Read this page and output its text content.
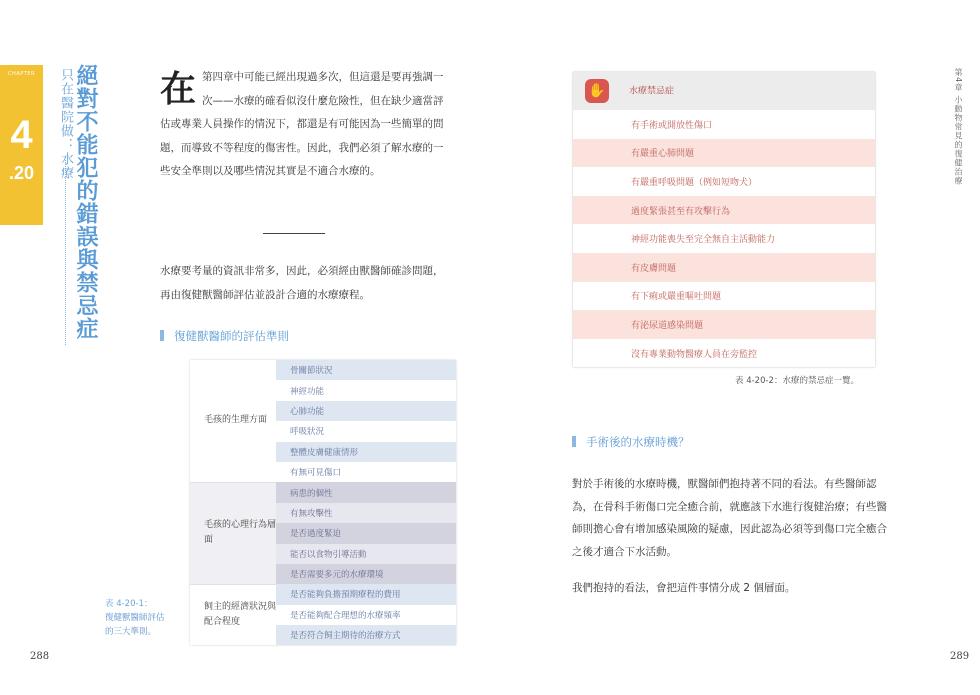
CHAPTER
4
.20	只在醫院做：水療 絕對不能犯的錯誤與禁忌症 在 第四章中可能已經出現過多次，但這還是要再強調一次——水療的確看似沒什麼危險性，但在缺少適當評估或專業人員操作的情況下，都還是有可能因為一些簡單的問題，而導致不等程度的傷害性。因此，我們必須了解水療的一些安全準則以及哪些情況其實是不適合水療的。
水療要考量的資訊非常多，因此，必須經由獸醫師確診問題，再由復健獸醫師評估並設計合適的水療療程。
復健獸醫師的評估準則
毛孩的生理方面	骨關節狀況
	神經功能
	心肺功能
	呼吸狀況
	整體皮膚健康情形
	有無可見傷口
毛孩的心理行為層面	病患的個性
	有無攻擊性
	是否過度緊迫
	能否以食物引導活動
	是否需要多元的水療環境
飼主的經濟狀況與配合程度	是否能夠負擔預期療程的費用
	是否能夠配合理想的水療頻率
	是否符合飼主期待的治療方式
表 4-20-1：
復健獸醫師評估的三大準則。
288
✋	水療禁忌症
有手術或開放性傷口
有嚴重心肺問題
有嚴重呼吸問題（例如短吻犬）
過度緊張甚至有攻擊行為
神經功能喪失至完全無自主活動能力
有皮膚問題
有下痢或嚴重嘔吐問題
有泌尿道感染問題
沒有專業動物醫療人員在旁監控
表 4-20-2：水療的禁忌症一覽。
手術後的水療時機？
對於手術後的水療時機，獸醫師們抱持著不同的看法。有些醫師認為，在骨科手術傷口完全癒合前，就應該下水進行復健治療；有些醫師則擔心會有增加感染風險的疑慮，因此認為必須等到傷口完全癒合之後才適合下水活動。
我們抱持的看法，會把這件事情分成 2 個層面。
第4章 小動物常見的復健治療
289
